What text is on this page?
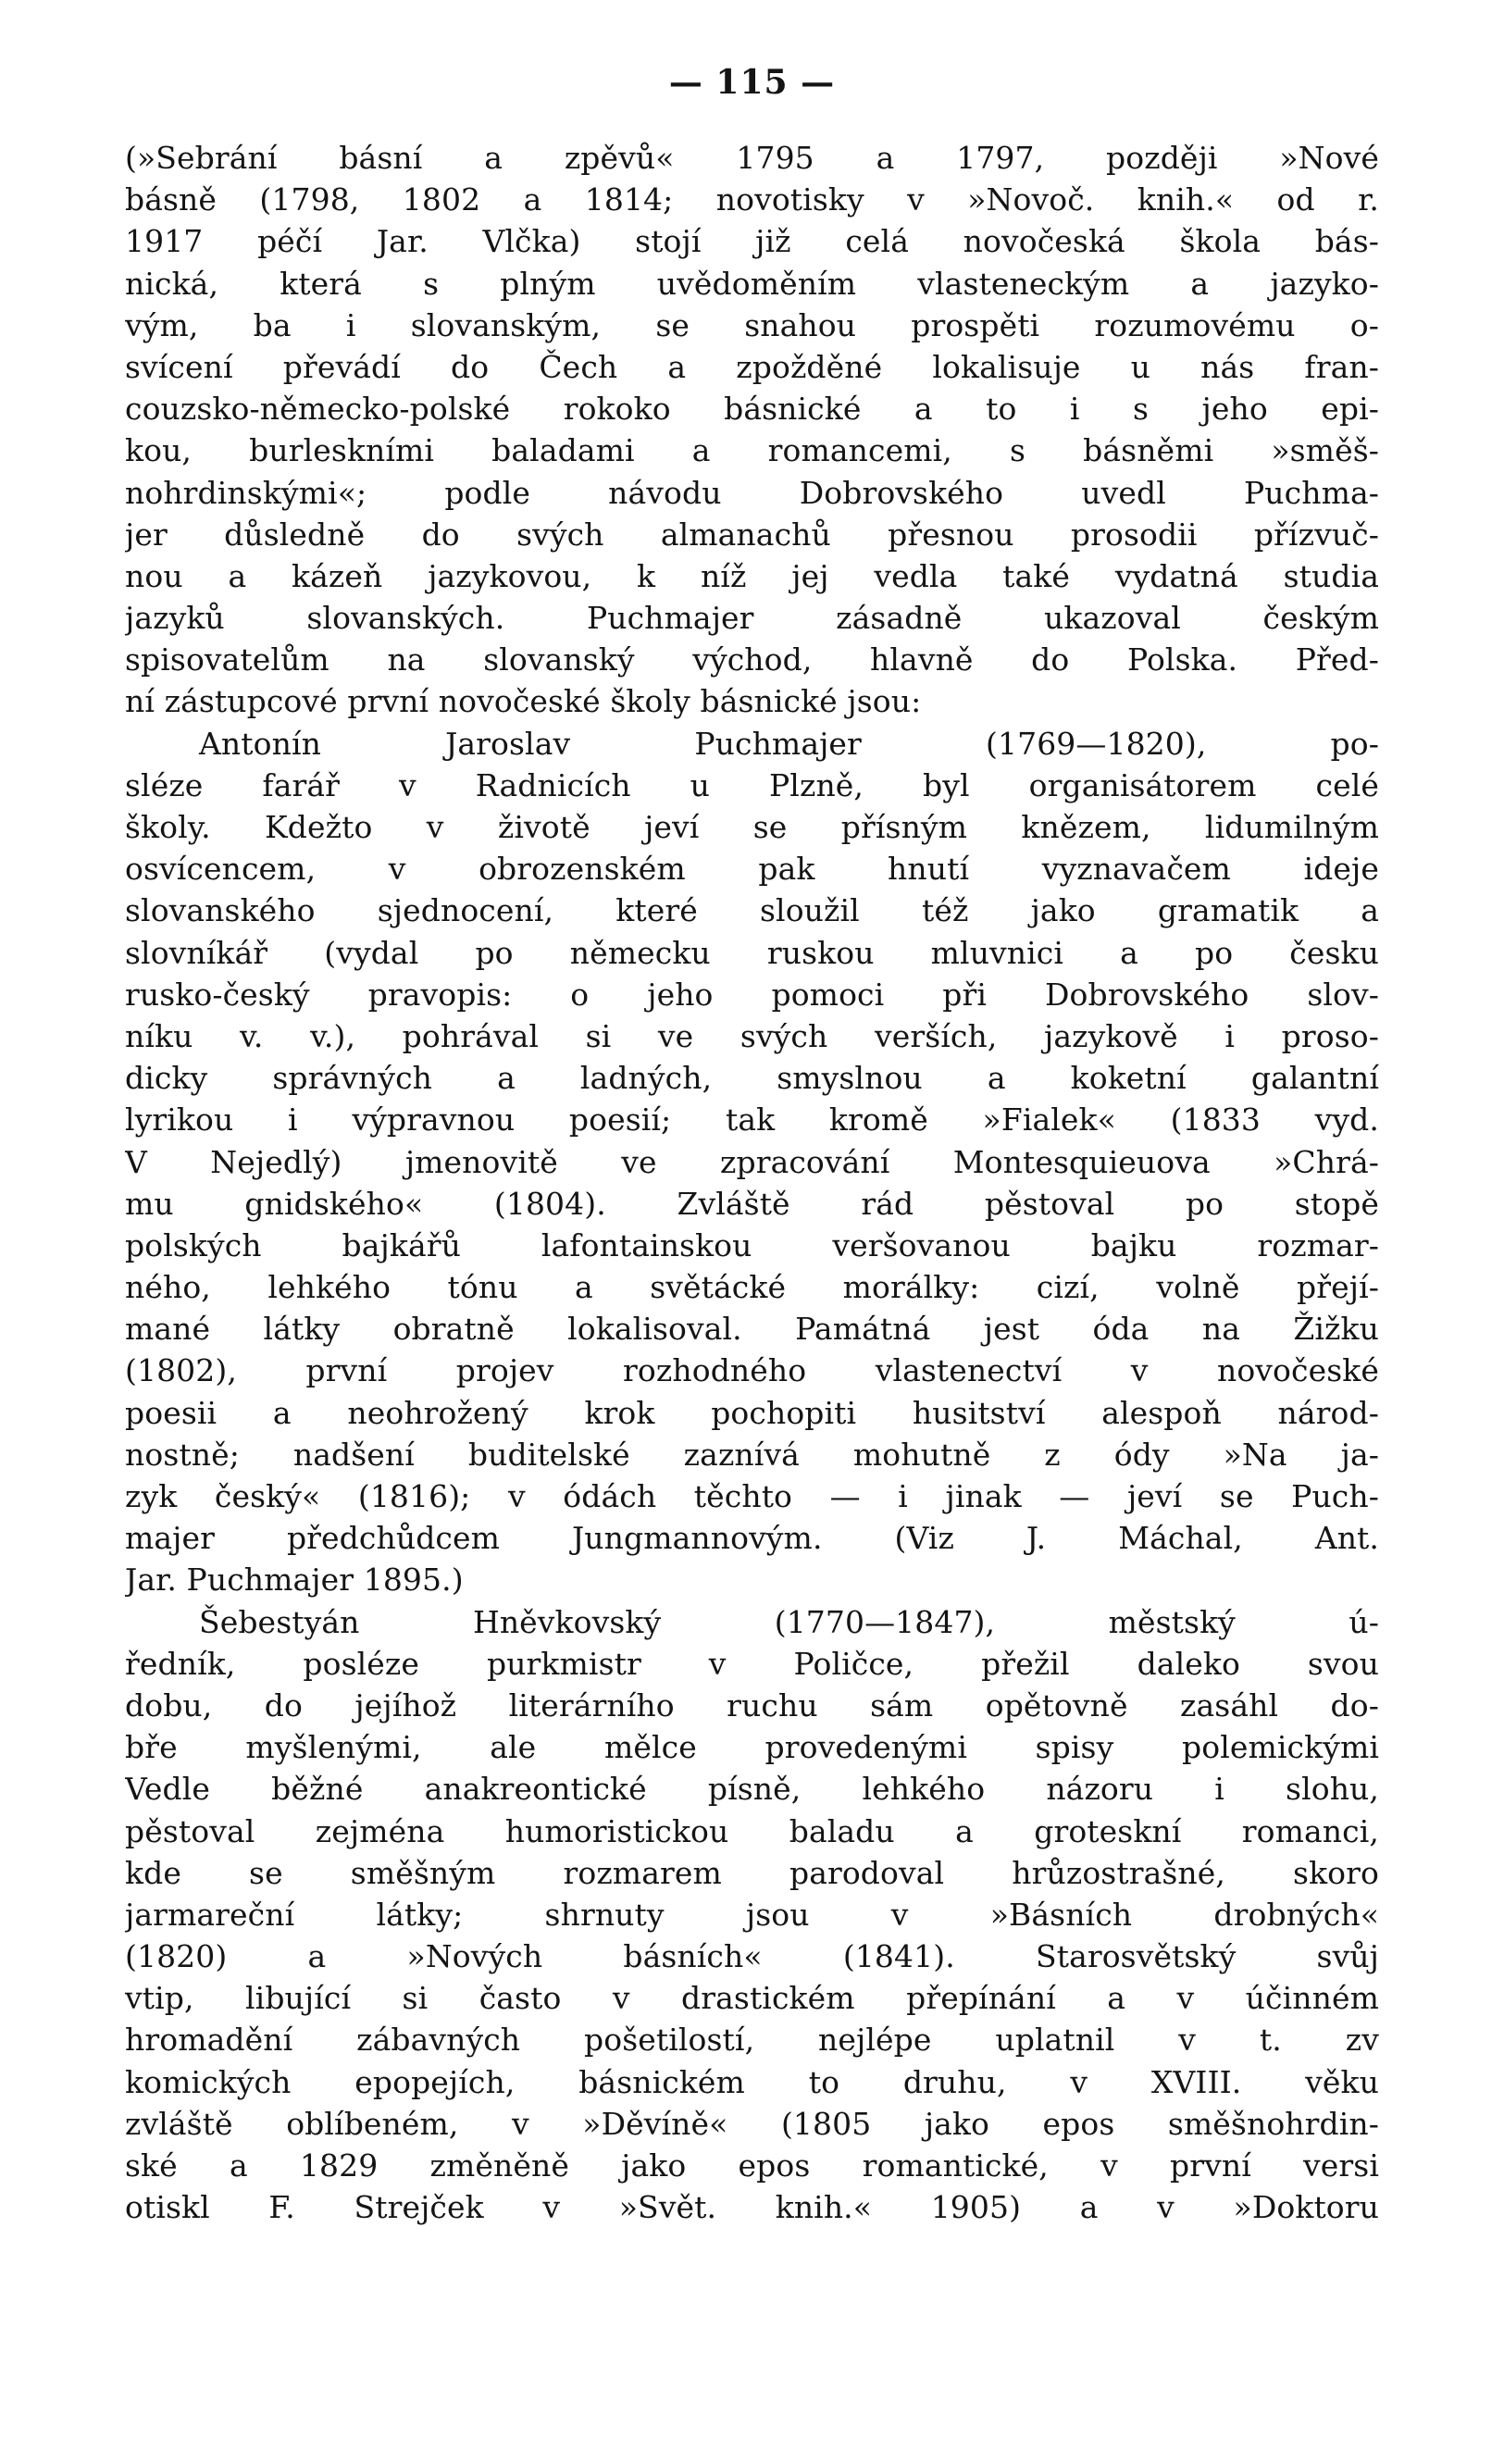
— 115 —
(»Sebrání básní a zpěvů« 1795 a 1797, později »Nové
básně (1798, 1802 a 1814; novotisky v »Novoč. knih.« od r.
1917 péčí Jar. Vlčka) stojí již celá novočeská škola bás-
nická, která s plným uvědoměním vlasteneckým a jazyko-
vým, ba i slovanským, se snahou prospěti rozumovému o-
svícení převádí do Čech a zpožděné lokalisuje u nás fran-
couzsko-německo-polské rokoko básnické a to i s jeho epi-
kou, burleskními baladami a romancemi, s básněmi »směš-
nohrdinskými«; podle návodu Dobrovského uvedl Puchma-
jer důsledně do svých almanachů přesnou prosodii přízvuč-
nou a kázeň jazykovou, k níž jej vedla také vydatná studia
jazyků slovanských. Puchmajer zásadně ukazoval českým
spisovatelům na slovanský východ, hlavně do Polska. Před-
ní zástupcové první novočeské školy básnické jsou:
Antonín Jaroslav Puchmajer (1769—1820), po-
sléze farář v Radnicích u Plzně, byl organisátorem celé
školy. Kdežto v životě jeví se přísným knězem, lidumilným
osvícencem, v obrozenském pak hnutí vyznavačem ideje
slovanského sjednocení, které sloužil též jako gramatik a
slovníkář (vydal po německu ruskou mluvnici a po česku
rusko-český pravopis: o jeho pomoci při Dobrovského slov-
níku v. v.), pohrával si ve svých verších, jazykově i proso-
dicky správných a ladných, smyslnou a koketní galantní
lyrikou i výpravnou poesií; tak kromě »Fialek« (1833 vyd.
V Nejedlý) jmenovitě ve zpracování Montesquieuova »Chrá-
mu gnidského« (1804). Zvláště rád pěstoval po stopě
polských bajkářů lafontainskou veršovanou bajku rozmar-
ného, lehkého tónu a světácké morálky: cizí, volně přejí-
mané látky obratně lokalisoval. Památná jest óda na Žižku
(1802), první projev rozhodného vlastenectví v novočeské
poesii a neohrožený krok pochopiti husitství alespoň národ-
nostně; nadšení buditelské zaznívá mohutně z ódy »Na ja-
zyk český« (1816); v ódách těchto — i jinak — jeví se Puch-
majer předchůdcem Jungmannovým. (Viz J. Máchal, Ant.
Jar. Puchmajer 1895.)
Šebestyán Hněvkovský (1770—1847), městský ú-
ředník, posléze purkmistr v Poličce, přežil daleko svou
dobu, do jejíhož literárního ruchu sám opětovně zasáhl do-
bře myšlenými, ale mělce provedenými spisy polemickými
Vedle běžné anakreontické písně, lehkého názoru i slohu,
pěstoval zejména humoristickou baladu a groteskní romanci,
kde se směšným rozmarem parodoval hrůzostrašné, skoro
jarmareční látky; shrnuty jsou v »Básních drobných«
(1820) a »Nových básních« (1841). Starosvětský svůj
vtip, libující si často v drastickém přepínání a v účinném
hromadění zábavných pošetilostí, nejlépe uplatnil v t. zv
komických epopejích, básnickém to druhu, v XVIII. věku
zvláště oblíbeném, v »Děvíně« (1805 jako epos směšnohrdin-
ské a 1829 změněně jako epos romantické, v první versi
otiskl F. Strejček v »Svět. knih.« 1905) a v »Doktoru
